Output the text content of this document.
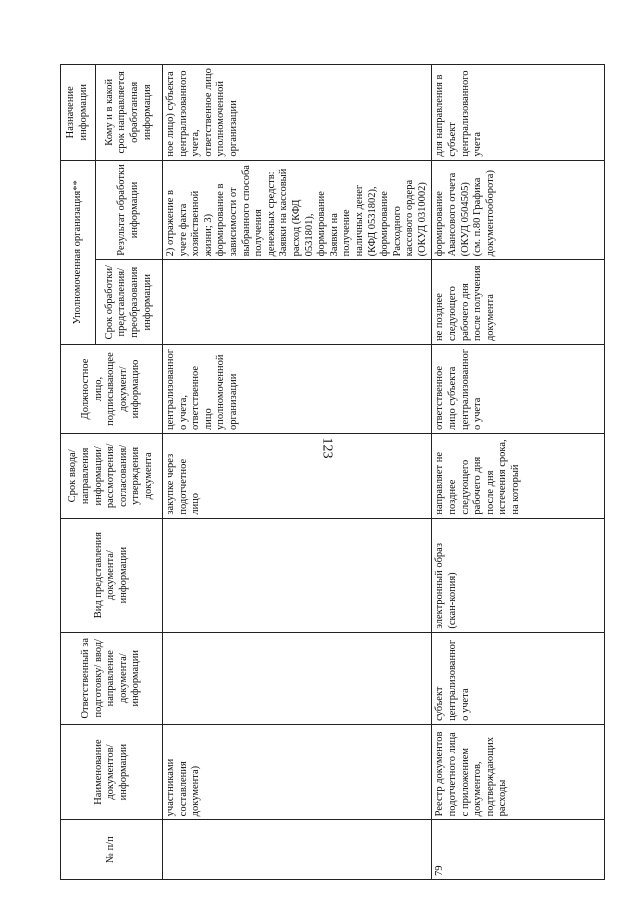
123
№ п/п	Наименование документов/информации	Ответственный за подготовку/ ввод/ направление документа/ информации	Вид представления документа/ информации	Срок ввода/ направления информации/ рассмотрения/ согласования/ утверждения документа	Должностное лицо, подписывающее документ/ информацию	Уполномоченная организация**		Назначение информации
						Срок обработки/ представления/ преобразования информации	Результат обработки информации	Кому и в какой срок направляется обработанная информация
	участниками составления документа)			закупке через подотчетное лицо	централизованного учета, ответственное лицо уполномоченной организации		2) отражение в учете факта хозяйственной жизни; 3) формирование в зависимости от выбранного способа получения денежных средств: Заявки на кассовый расход (КФД 0531801), формирование Заявки на получение наличных денег (КФД 0531802), формирование Расходного кассового ордера (ОКУД 0310002)	ное лицо) субъекта централизованного учета, ответственное лицо уполномоченной организации
79	Реестр документов подотчетного лица с приложением документов, подтверждающих расходы	субъект централизованного учета	электронный образ (скан-копия)	направляет не позднее следующего рабочего дня после дня истечения срока, на который	ответственное лицо субъекта централизованного учета	не позднее следующего рабочего дня после получения документа	формирование Авансового отчета (ОКУД 0504505) (см. п.80 Графика документооборота)	для направления в субъект централизованного учета
